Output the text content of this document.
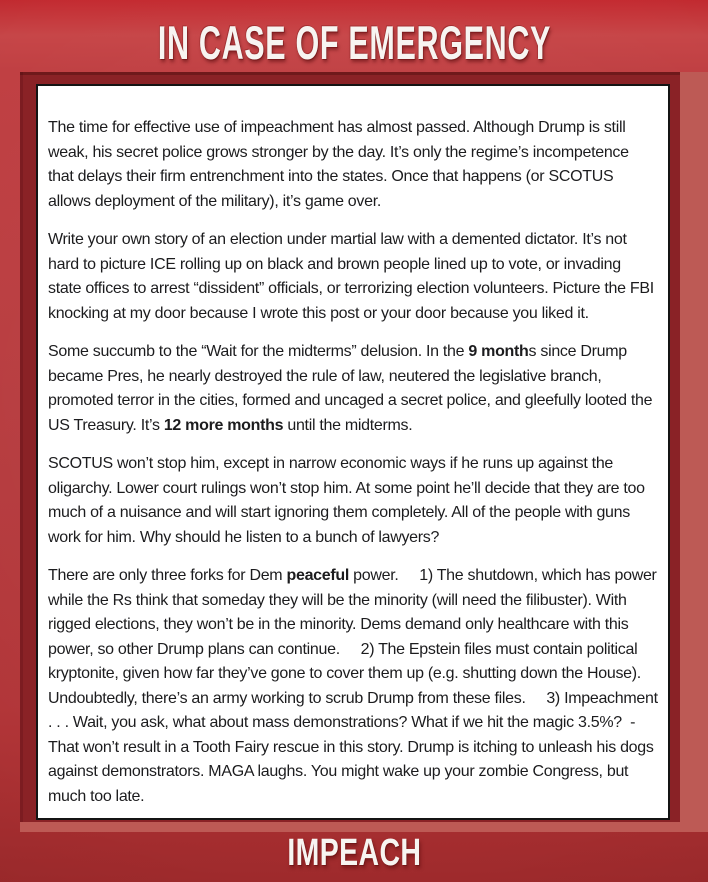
IN CASE OF EMERGENCY

The time for effective use of impeachment has almost passed. Although Drump is still weak, his secret police grows stronger by the day. It’s only the regime’s incompetence that delays their firm entrenchment into the states. Once that happens (or SCOTUS allows deployment of the military), it’s game over.

Write your own story of an election under martial law with a demented dictator. It’s not hard to picture ICE rolling up on black and brown people lined up to vote, or invading state offices to arrest “dissident” officials, or terrorizing election volunteers. Picture the FBI knocking at my door because I wrote this post or your door because you liked it.

Some succumb to the “Wait for the midterms” delusion. In the 9 months since Drump became Pres, he nearly destroyed the rule of law, neutered the legislative branch, promoted terror in the cities, formed and uncaged a secret police, and gleefully looted the US Treasury. It’s 12 more months until the midterms.

SCOTUS won’t stop him, except in narrow economic ways if he runs up against the oligarchy. Lower court rulings won’t stop him. At some point he’ll decide that they are too much of a nuisance and will start ignoring them completely. All of the people with guns work for him. Why should he listen to a bunch of lawyers?

There are only three forks for Dem peaceful power.     1) The shutdown, which has power while the Rs think that someday they will be the minority (will need the filibuster). With rigged elections, they won’t be in the minority. Dems demand only healthcare with this power, so other Drump plans can continue.     2) The Epstein files must contain political kryptonite, given how far they’ve gone to cover them up (e.g. shutting down the House). Undoubtedly, there’s an army working to scrub Drump from these files.     3) Impeachment . . . Wait, you ask, what about mass demonstrations? What if we hit the magic 3.5%?  - That won’t result in a Tooth Fairy rescue in this story. Drump is itching to unleash his dogs against demonstrators. MAGA laughs. You might wake up your zombie Congress, but much too late.

IMPEACH
